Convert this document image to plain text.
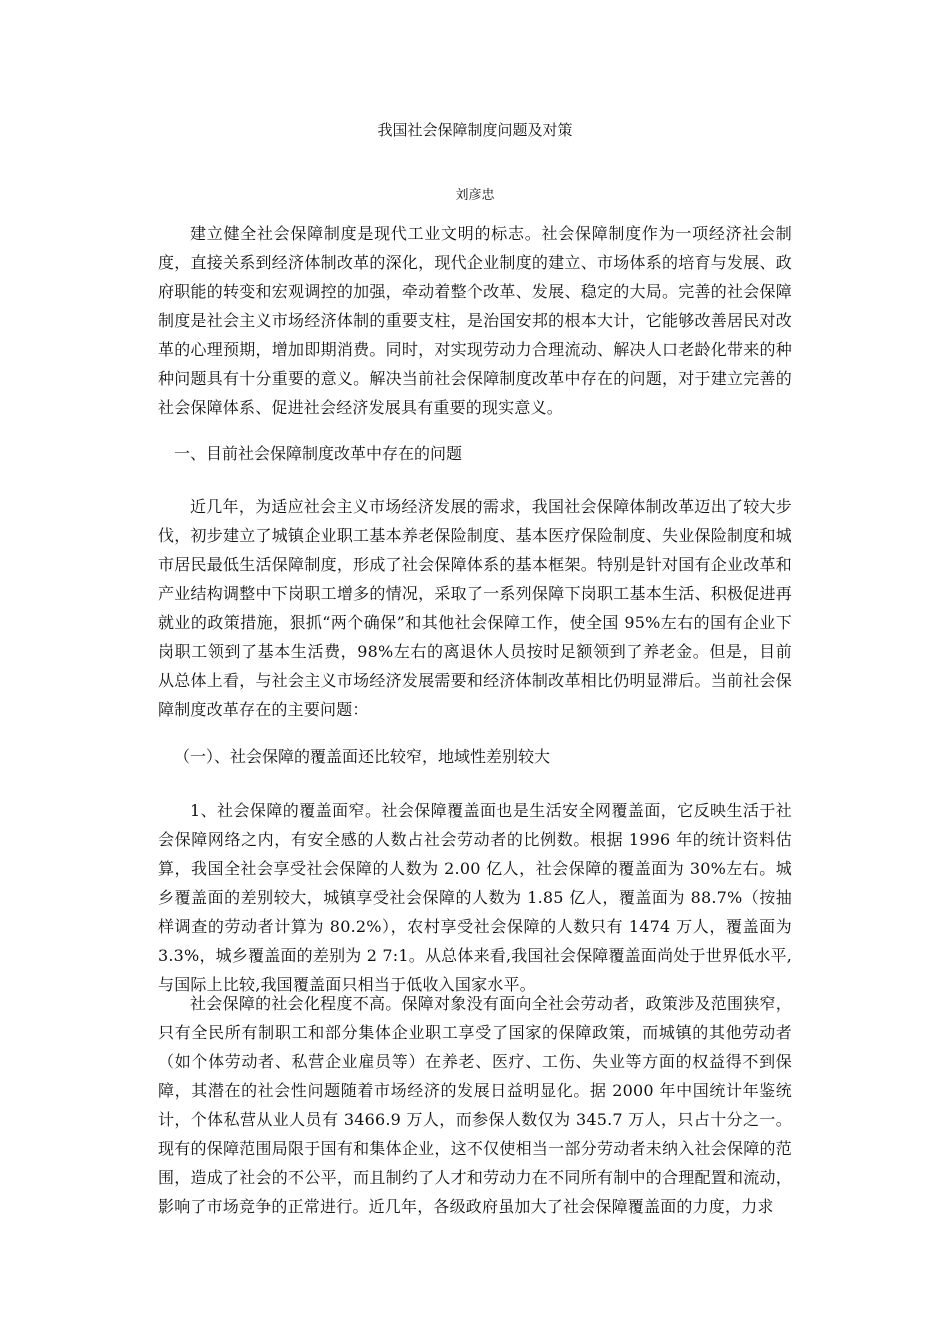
我国社会保障制度问题及对策
刘彦忠

建立健全社会保障制度是现代工业文明的标志。社会保障制度作为一项经济社会制度，直接关系到经济体制改革的深化，现代企业制度的建立、市场体系的培育与发展、政府职能的转变和宏观调控的加强，牵动着整个改革、发展、稳定的大局。完善的社会保障制度是社会主义市场经济体制的重要支柱，是治国安邦的根本大计，它能够改善居民对改革的心理预期，增加即期消费。同时，对实现劳动力合理流动、解决人口老龄化带来的种种问题具有十分重要的意义。解决当前社会保障制度改革中存在的问题，对于建立完善的社会保障体系、促进社会经济发展具有重要的现实意义。

一、目前社会保障制度改革中存在的问题

近几年，为适应社会主义市场经济发展的需求，我国社会保障体制改革迈出了较大步伐，初步建立了城镇企业职工基本养老保险制度、基本医疗保险制度、失业保险制度和城市居民最低生活保障制度，形成了社会保障体系的基本框架。特别是针对国有企业改革和产业结构调整中下岗职工增多的情况，采取了一系列保障下岗职工基本生活、积极促进再就业的政策措施，狠抓“两个确保”和其他社会保障工作，使全国 95%左右的国有企业下岗职工领到了基本生活费，98%左右的离退休人员按时足额领到了养老金。但是，目前从总体上看，与社会主义市场经济发展需要和经济体制改革相比仍明显滞后。当前社会保障制度改革存在的主要问题：

（一）、社会保障的覆盖面还比较窄，地域性差别较大

1、社会保障的覆盖面窄。社会保障覆盖面也是生活安全网覆盖面，它反映生活于社会保障网络之内，有安全感的人数占社会劳动者的比例数。根据 1996 年的统计资料估算，我国全社会享受社会保障的人数为 2.00 亿人，社会保障的覆盖面为 30%左右。城乡覆盖面的差别较大，城镇享受社会保障的人数为 1.85 亿人，覆盖面为 88.7%（按抽样调查的劳动者计算为 80.2%），农村享受社会保障的人数只有 1474 万人，覆盖面为 3.3%，城乡覆盖面的差别为 2 7:1。从总体来看,我国社会保障覆盖面尚处于世界低水平,与国际上比较,我国覆盖面只相当于低收入国家水平。

社会保障的社会化程度不高。保障对象没有面向全社会劳动者，政策涉及范围狭窄，只有全民所有制职工和部分集体企业职工享受了国家的保障政策，而城镇的其他劳动者（如个体劳动者、私营企业雇员等）在养老、医疗、工伤、失业等方面的权益得不到保障，其潜在的社会性问题随着市场经济的发展日益明显化。据 2000 年中国统计年鉴统计，个体私营从业人员有 3466.9 万人，而参保人数仅为 345.7 万人，只占十分之一。现有的保障范围局限于国有和集体企业，这不仅使相当一部分劳动者未纳入社会保障的范围，造成了社会的不公平，而且制约了人才和劳动力在不同所有制中的合理配置和流动，影响了市场竞争的正常进行。近几年，各级政府虽加大了社会保障覆盖面的力度，力求
